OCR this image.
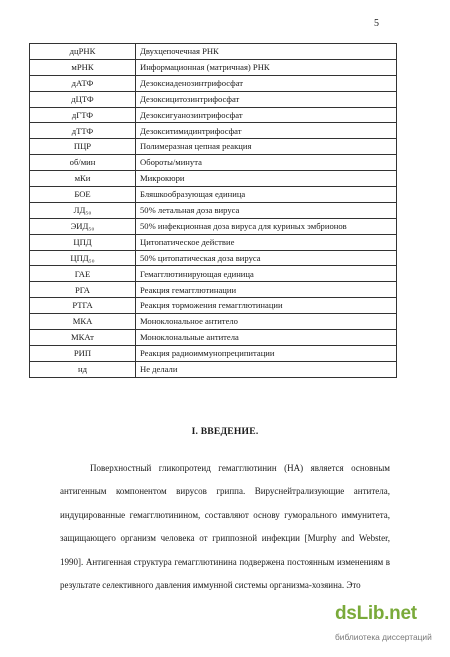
5
дцРНК	Двухцепочечная РНК
мРНК	Информационная (матричная) РНК
дАТФ	Дезоксиаденозинтрифосфат
дЦТФ	Дезоксицитозинтрифосфат
дГТФ	Дезоксигуанозинтрифосфат
дТТФ	Дезокситимидинтрифосфат
ПЦР	Полимеразная цепная реакция
об/мин	Обороты/минута
мКи	Микрокюри
БОЕ	Бляшкообразующая единица
ЛД₅₀	50% летальная доза вируса
ЭИД₅₀	50% инфекционная доза вируса для куриных эмбрионов
ЦПД	Цитопатическое действие
ЦПД₅₀	50% цитопатическая доза вируса
ГАЕ	Гемагглютинирующая единица
РГА	Реакция гемагглютинации
РТГА	Реакция торможения гемагглютинации
МКА	Моноклональное антитело
МКАт	Моноклональные антитела
РИП	Реакция радиоиммунопреципитации
нд	Не делали
I. ВВЕДЕНИЕ.

Поверхностный гликопротеид гемагглютинин (НА) является основным антигенным компонентом вирусов гриппа. Вируснейтрализующие антитела, индуцированные гемагглютинином, составляют основу гуморального иммунитета, защищающего организм человека от гриппозной инфекции [Murphy and Webster, 1990]. Антигенная структура гемагглютинина подвержена постоянным изменениям в результате селективного давления иммунной системы организма-хозяина. Это

dsLib.net
библиотека диссертаций
